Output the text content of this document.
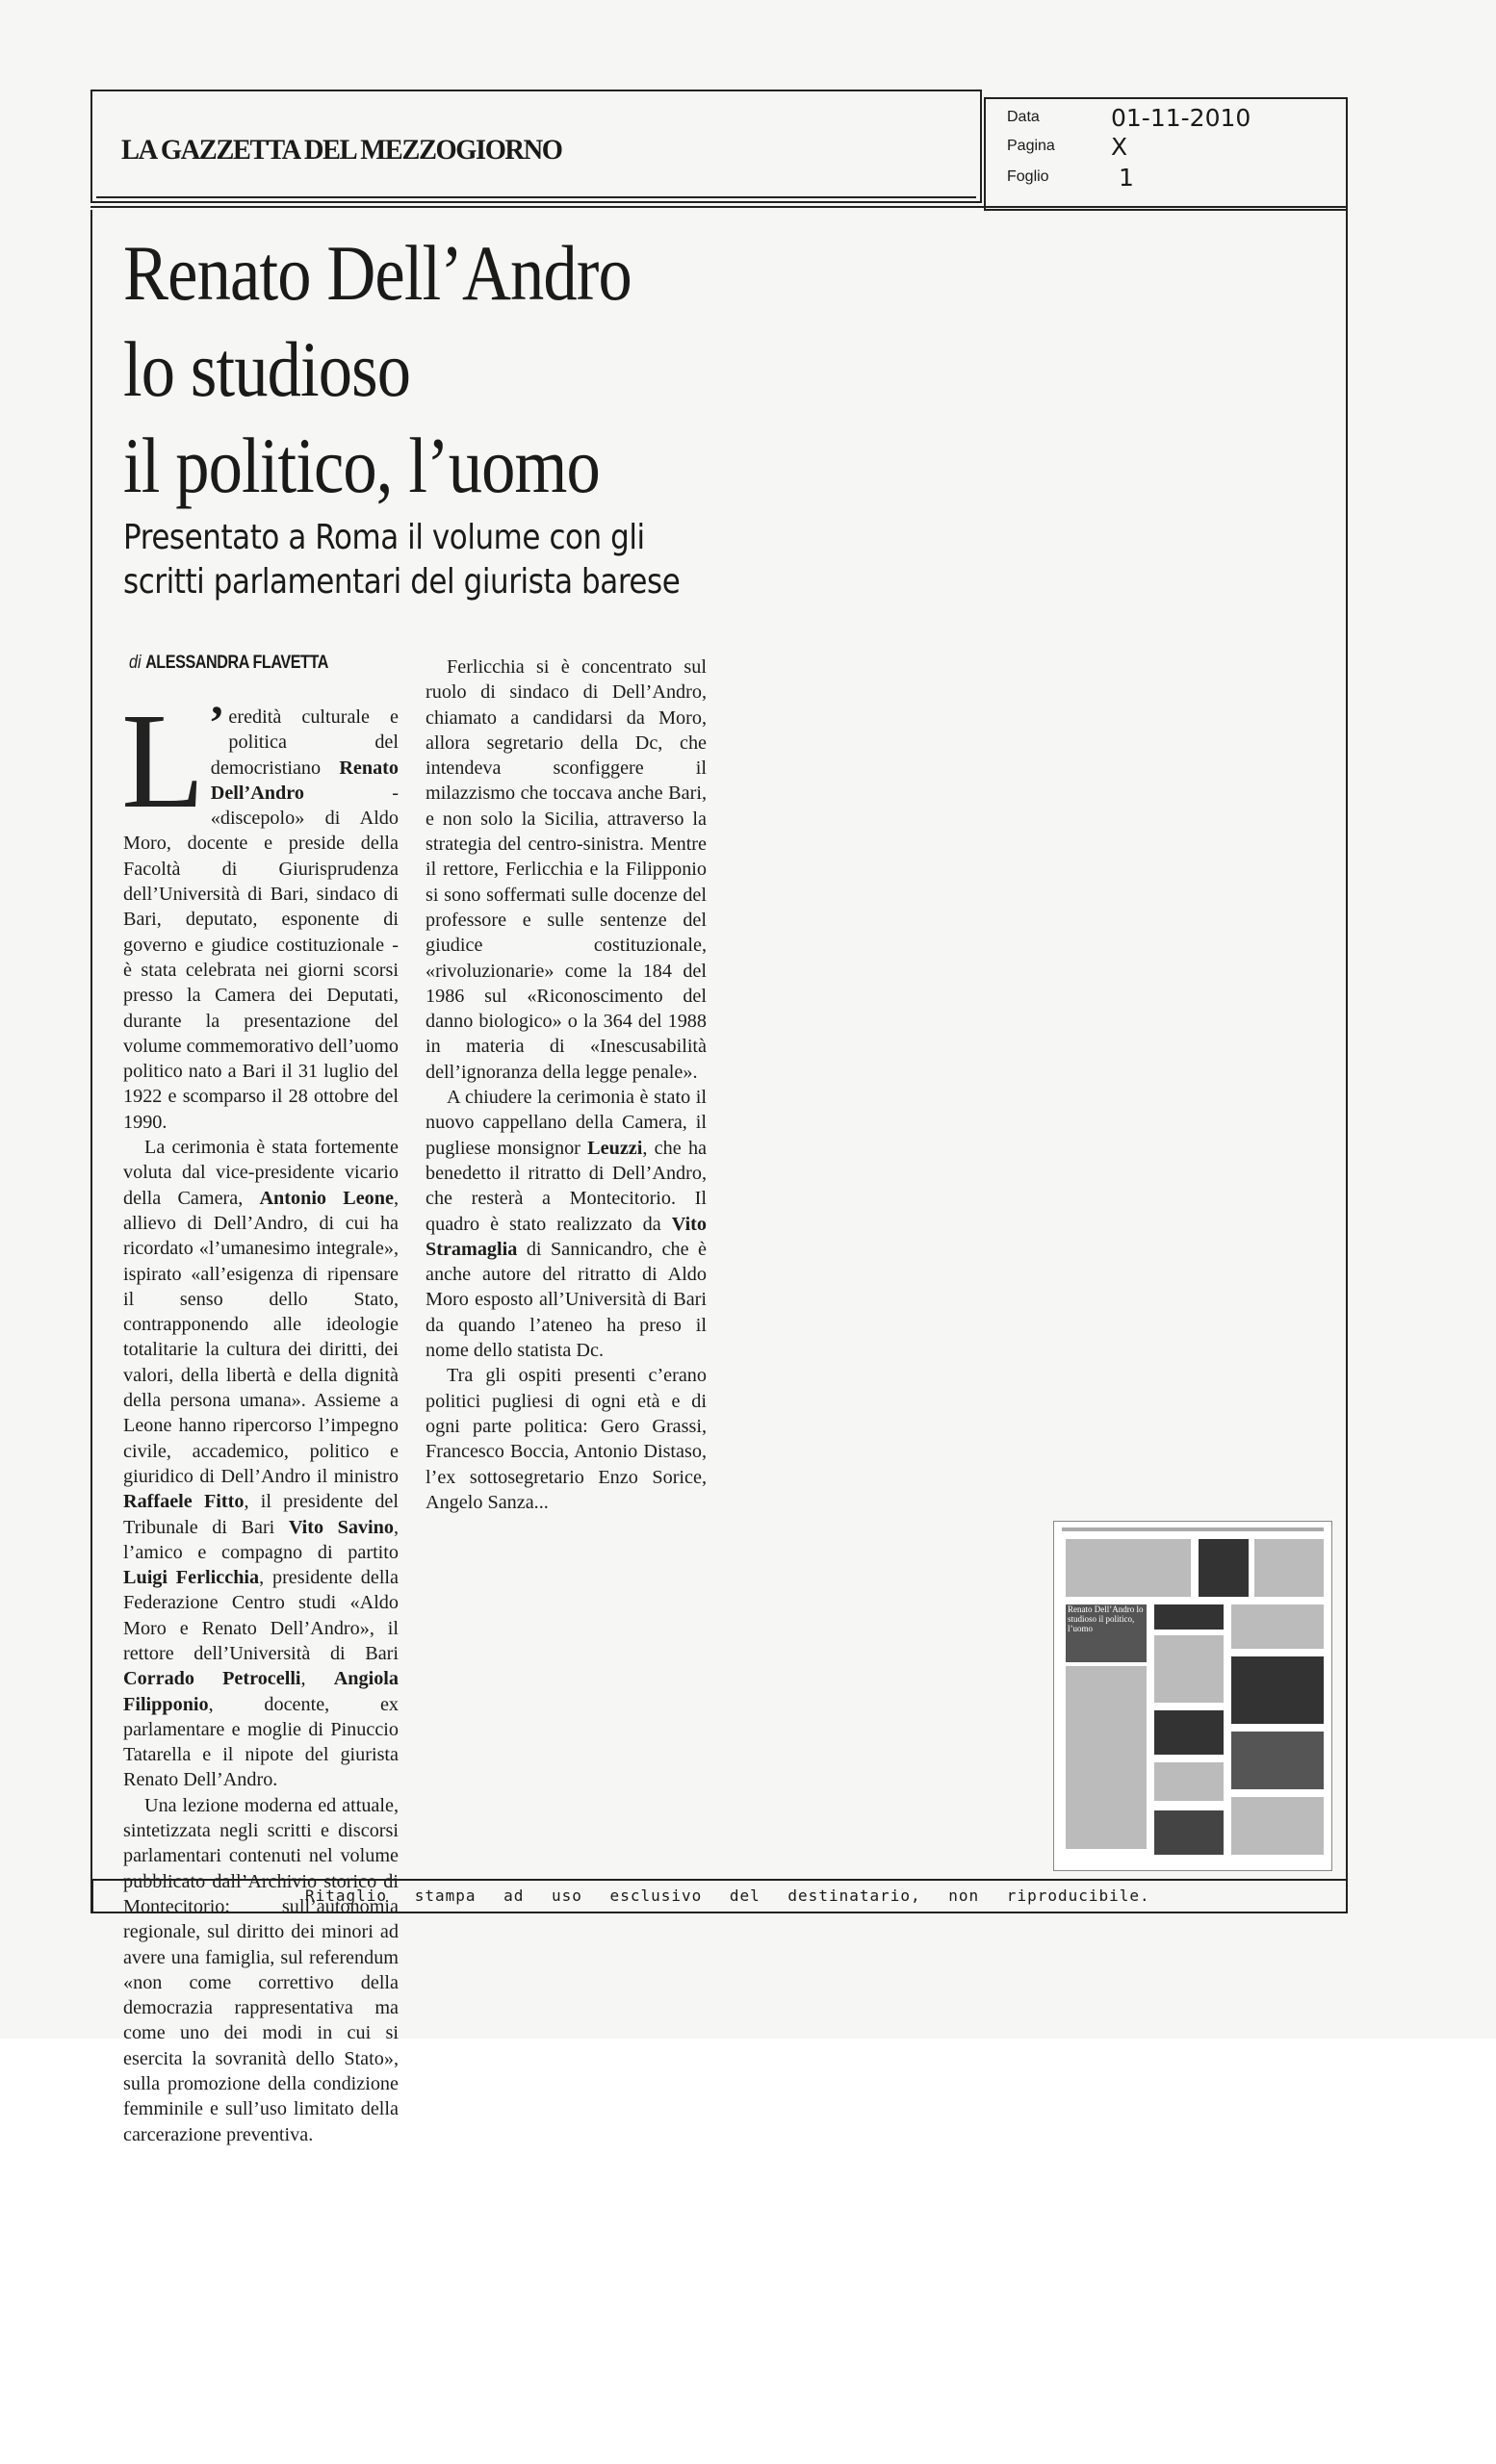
LA GAZZETTA DEL MEZZOGIORNO
Data	01-11-2010
Pagina	X
Foglio	1
Renato Dell’Andro
lo studioso
il politico, l’uomo
Presentato a Roma il volume con gli
scritti parlamentari del giurista barese
di ALESSANDRA FLAVETTA

L ’ eredità culturale e politica del democristiano Renato Dell’Andro - «discepolo» di Aldo Moro, docente e preside della Facoltà di Giurisprudenza dell’Università di Bari, sindaco di Bari, deputato, esponente di governo e giudice costituzionale - è stata celebrata nei giorni scorsi presso la Camera dei Deputati, durante la presentazione del volume commemorativo dell’uomo politico nato a Bari il 31 luglio del 1922 e scomparso il 28 ottobre del 1990.

La cerimonia è stata fortemente voluta dal vice-presidente vicario della Camera, Antonio Leone, allievo di Dell’Andro, di cui ha ricordato «l’umanesimo integrale», ispirato «all’esigenza di ripensare il senso dello Stato, contrapponendo alle ideologie totalitarie la cultura dei diritti, dei valori, della libertà e della dignità della persona umana». Assieme a Leone hanno ripercorso l’impegno civile, accademico, politico e giuridico di Dell’Andro il ministro Raffaele Fitto, il presidente del Tribunale di Bari Vito Savino, l’amico e compagno di partito Luigi Ferlicchia, presidente della Federazione Centro studi «Aldo Moro e Renato Dell’Andro», il rettore dell’Università di Bari Corrado Petrocelli, Angiola Filipponio, docente, ex parlamentare e moglie di Pinuccio Tatarella e il nipote del giurista Renato Dell’Andro.

Una lezione moderna ed attuale, sintetizzata negli scritti e discorsi parlamentari contenuti nel volume pubblicato dall’Archivio storico di Montecitorio: sull’autonomia regionale, sul diritto dei minori ad avere una famiglia, sul referendum «non come correttivo della democrazia rappresentativa ma come uno dei modi in cui si esercita la sovranità dello Stato», sulla promozione della condizione femminile e sull’uso limitato della carcerazione preventiva.

Ferlicchia si è concentrato sul ruolo di sindaco di Dell’Andro, chiamato a candidarsi da Moro, allora segretario della Dc, che intendeva sconfiggere il milazzismo che toccava anche Bari, e non solo la Sicilia, attraverso la strategia del centro-sinistra. Mentre il rettore, Ferlicchia e la Filipponio si sono soffermati sulle docenze del professore e sulle sentenze del giudice costituzionale, «rivoluzionarie» come la 184 del 1986 sul «Riconoscimento del danno biologico» o la 364 del 1988 in materia di «Inescusabilità dell’ignoranza della legge penale».

A chiudere la cerimonia è stato il nuovo cappellano della Camera, il pugliese monsignor Leuzzi, che ha benedetto il ritratto di Dell’Andro, che resterà a Montecitorio. Il quadro è stato realizzato da Vito Stramaglia di Sannicandro, che è anche autore del ritratto di Aldo Moro esposto all’Università di Bari da quando l’ateneo ha preso il nome dello statista Dc.

Tra gli ospiti presenti c’erano politici pugliesi di ogni età e di ogni parte politica: Gero Grassi, Francesco Boccia, Antonio Distaso, l’ex sottosegretario Enzo Sorice, Angelo Sanza...

Renato Dell’Andro lo studioso il politico, l’uomo
Ritaglio stampa ad uso esclusivo del destinatario, non riproducibile.
